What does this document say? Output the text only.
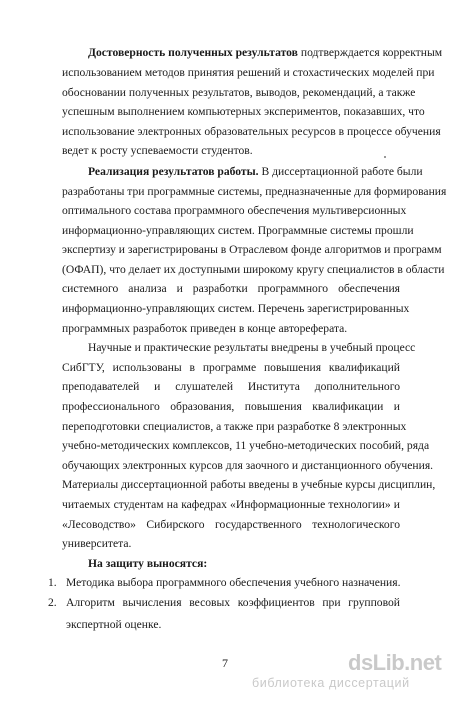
Достоверность полученных результатов подтверждается корректным
использованием методов принятия решений и стохастических моделей при
обосновании полученных результатов, выводов, рекомендаций, а также
успешным выполнением компьютерных экспериментов, показавших, что
использование электронных образовательных ресурсов в процессе обучения
ведет к росту успеваемости студентов.
Реализация результатов работы. В диссертационной работе были
разработаны три программные системы, предназначенные для формирования
оптимального состава программного обеспечения мультиверсионных
информационно-управляющих систем. Программные системы прошли
экспертизу и зарегистрированы в Отраслевом фонде алгоритмов и программ
(ОФАП), что делает их доступными широкому кругу специалистов в области
системного анализа и разработки программного обеспечения
информационно-управляющих систем. Перечень зарегистрированных
программных разработок приведен в конце автореферата.
Научные и практические результаты внедрены в учебный процесс
СибГТУ, использованы в программе повышения квалификаций
преподавателей и слушателей Института дополнительного
профессионального образования, повышения квалификации и
переподготовки специалистов, а также при разработке 8 электронных
учебно-методических комплексов, 11 учебно-методических пособий, ряда
обучающих электронных курсов для заочного и дистанционного обучения.
Материалы диссертационной работы введены в учебные курсы дисциплин,
читаемых студентам на кафедрах «Информационные технологии» и
«Лесоводство» Сибирского государственного технологического
университета.
На защиту выносятся:
1. Методика выбора программного обеспечения учебного назначения.
2. Алгоритм вычисления весовых коэффициентов при групповой
экспертной оценке.
7	dsLib.net
библиотека диссертаций
